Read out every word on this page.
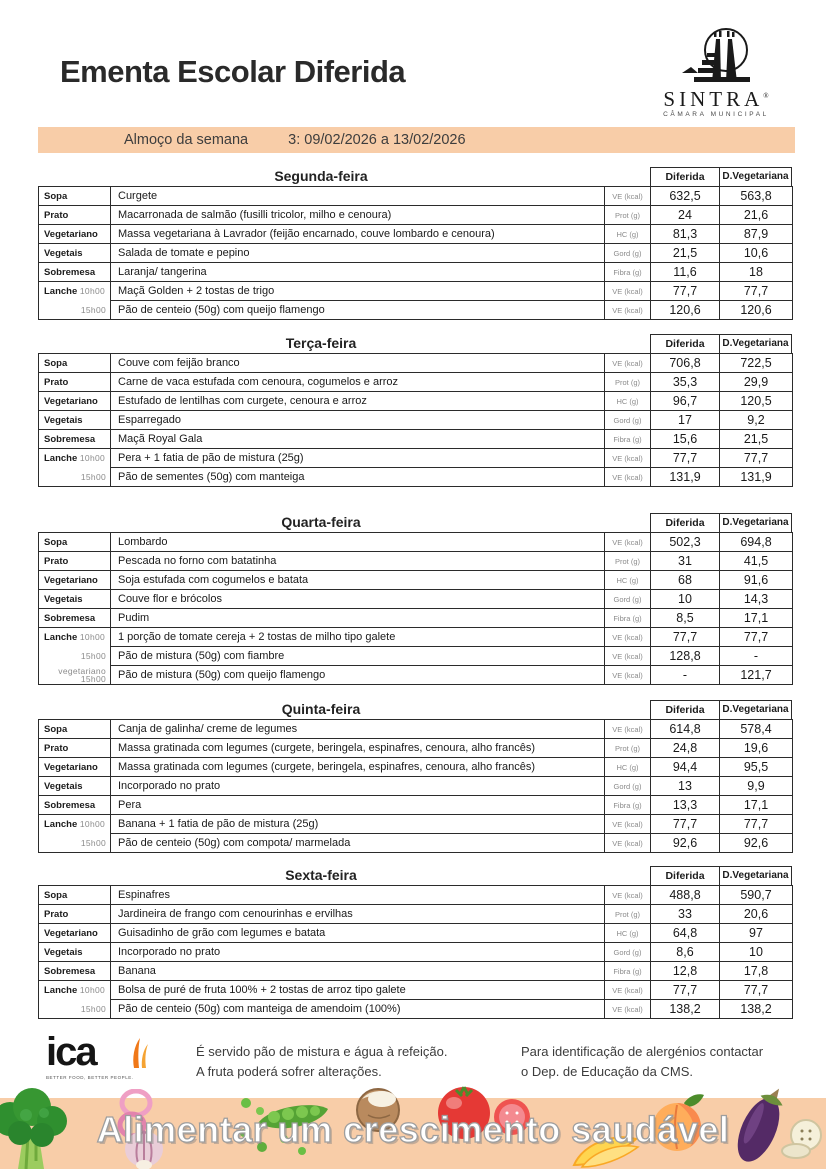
Ementa Escolar Diferida
SINTRA®
CÂMARA MUNICIPAL
Almoço da semana	3: 09/02/2026 a 13/02/2026
Segunda-feira	Diferida	D.Vegetariana
Sopa	Curgete	VE (kcal)	632,5	563,8
Prato	Macarronada de salmão (fusilli tricolor, milho e cenoura)	Prot (g)	24	21,6
Vegetariano	Massa vegetariana à Lavrador (feijão encarnado, couve lombardo e cenoura)	HC (g)	81,3	87,9
Vegetais	Salada de tomate e pepino	Gord (g)	21,5	10,6
Sobremesa	Laranja/ tangerina	Fibra (g)	11,6	18
Lanche 10h00	Maçã Golden + 2 tostas de trigo	VE (kcal)	77,7	77,7

15h00	Pão de centeio (50g) com queijo flamengo	VE (kcal)	120,6	120,6
Terça-feira	Diferida	D.Vegetariana
Sopa	Couve com feijão branco	VE (kcal)	706,8	722,5
Prato	Carne de vaca estufada com cenoura, cogumelos e arroz	Prot (g)	35,3	29,9
Vegetariano	Estufado de lentilhas com curgete, cenoura e arroz	HC (g)	96,7	120,5
Vegetais	Esparregado	Gord (g)	17	9,2
Sobremesa	Maçã Royal Gala	Fibra (g)	15,6	21,5
Lanche 10h00	Pera + 1 fatia de pão de mistura (25g)	VE (kcal)	77,7	77,7

15h00	Pão de sementes (50g) com manteiga	VE (kcal)	131,9	131,9
Quarta-feira	Diferida	D.Vegetariana
Sopa	Lombardo	VE (kcal)	502,3	694,8
Prato	Pescada no forno com batatinha	Prot (g)	31	41,5
Vegetariano	Soja estufada com cogumelos e batata	HC (g)	68	91,6
Vegetais	Couve flor e brócolos	Gord (g)	10	14,3
Sobremesa	Pudim	Fibra (g)	8,5	17,1
Lanche 10h00	1 porção de tomate cereja + 2 tostas de milho tipo galete	VE (kcal)	77,7	77,7

15h00	Pão de mistura (50g) com fiambre	VE (kcal)	128,8	-

vegetariano
15h00	Pão de mistura (50g) com queijo flamengo	VE (kcal)	-	121,7
Quinta-feira	Diferida	D.Vegetariana
Sopa	Canja de galinha/ creme de legumes	VE (kcal)	614,8	578,4
Prato	Massa gratinada com legumes (curgete, beringela, espinafres, cenoura, alho francês)	Prot (g)	24,8	19,6
Vegetariano	Massa gratinada com legumes (curgete, beringela, espinafres, cenoura, alho francês)	HC (g)	94,4	95,5
Vegetais	Incorporado no prato	Gord (g)	13	9,9
Sobremesa	Pera	Fibra (g)	13,3	17,1
Lanche 10h00	Banana + 1 fatia de pão de mistura (25g)	VE (kcal)	77,7	77,7

15h00	Pão de centeio (50g) com compota/ marmelada	VE (kcal)	92,6	92,6
Sexta-feira	Diferida	D.Vegetariana
Sopa	Espinafres	VE (kcal)	488,8	590,7
Prato	Jardineira de frango com cenourinhas e ervilhas	Prot (g)	33	20,6
Vegetariano	Guisadinho de grão com legumes e batata	HC (g)	64,8	97
Vegetais	Incorporado no prato	Gord (g)	8,6	10
Sobremesa	Banana	Fibra (g)	12,8	17,8
Lanche 10h00	Bolsa de puré de fruta 100% + 2 tostas de arroz tipo galete	VE (kcal)	77,7	77,7

15h00	Pão de centeio (50g) com manteiga de amendoim (100%)	VE (kcal)	138,2	138,2
ica
BETTER FOOD, BETTER PEOPLE.
É servido pão de mistura e água à refeição.
A fruta poderá sofrer alterações.
Para identificação de alergénios contactar
o Dep. de Educação da CMS.
Alimentar um crescimento saudável
